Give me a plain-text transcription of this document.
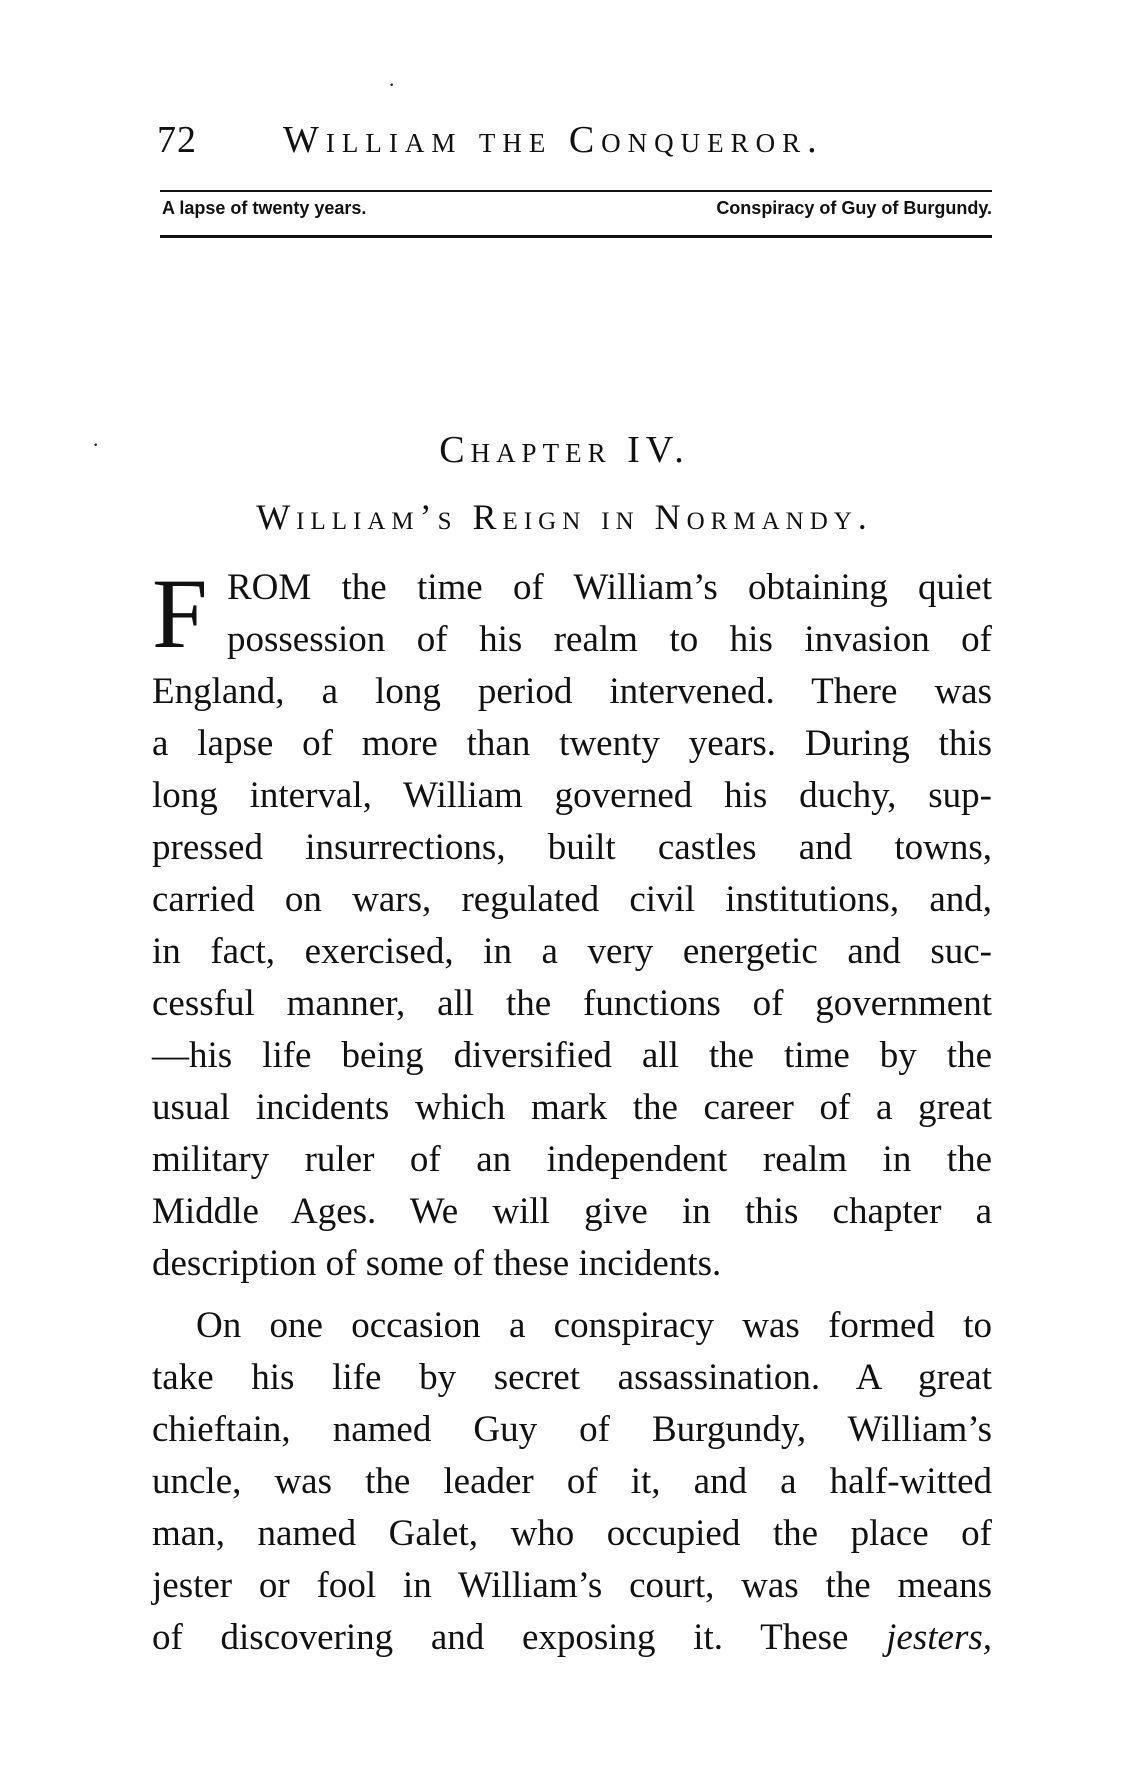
·
·
72 William the Conqueror.
A lapse of twenty years.	Conspiracy of Guy of Burgundy.
Chapter IV.
William’s Reign in Normandy.
F ROM the time of William’s obtaining quiet
possession of his realm to his invasion of
England, a long period intervened. There was
a lapse of more than twenty years. During this
long interval, William governed his duchy, sup-
pressed insurrections, built castles and towns,
carried on wars, regulated civil institutions, and,
in fact, exercised, in a very energetic and suc-
cessful manner, all the functions of government
—his life being diversified all the time by the
usual incidents which mark the career of a great
military ruler of an independent realm in the
Middle Ages. We will give in this chapter a
description of some of these incidents.
On one occasion a conspiracy was formed to
take his life by secret assassination. A great
chieftain, named Guy of Burgundy, William’s
uncle, was the leader of it, and a half-witted
man, named Galet, who occupied the place of
jester or fool in William’s court, was the means
of discovering and exposing it. These jesters,
